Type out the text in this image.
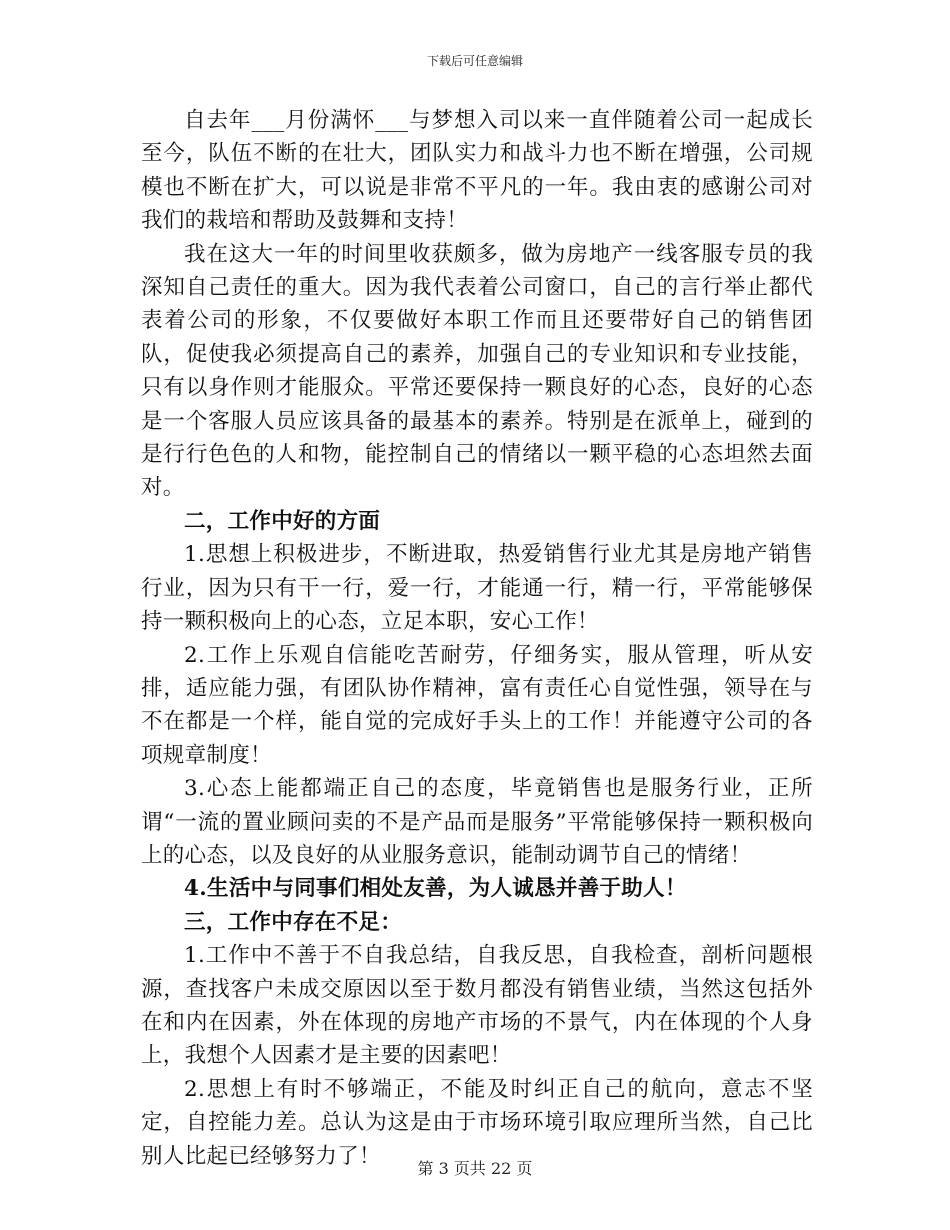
下载后可任意编辑

自去年___月份满怀___与梦想入司以来一直伴随着公司一起成长至今，队伍不断的在壮大，团队实力和战斗力也不断在增强，公司规模也不断在扩大，可以说是非常不平凡的一年。我由衷的感谢公司对我们的栽培和帮助及鼓舞和支持！

我在这大一年的时间里收获颇多，做为房地产一线客服专员的我深知自己责任的重大。因为我代表着公司窗口，自己的言行举止都代表着公司的形象，不仅要做好本职工作而且还要带好自己的销售团队，促使我必须提高自己的素养，加强自己的专业知识和专业技能，只有以身作则才能服众。平常还要保持一颗良好的心态，良好的心态是一个客服人员应该具备的最基本的素养。特别是在派单上，碰到的是行行色色的人和物，能控制自己的情绪以一颗平稳的心态坦然去面对。

二，工作中好的方面

1.思想上积极进步，不断进取，热爱销售行业尤其是房地产销售行业，因为只有干一行，爱一行，才能通一行，精一行，平常能够保持一颗积极向上的心态，立足本职，安心工作！

2.工作上乐观自信能吃苦耐劳，仔细务实，服从管理，听从安排，适应能力强，有团队协作精神，富有责任心自觉性强，领导在与不在都是一个样，能自觉的完成好手头上的工作！并能遵守公司的各项规章制度！

3.心态上能都端正自己的态度，毕竟销售也是服务行业，正所谓“一流的置业顾问卖的不是产品而是服务”平常能够保持一颗积极向上的心态，以及良好的从业服务意识，能制动调节自己的情绪！

4.生活中与同事们相处友善，为人诚恳并善于助人！

三，工作中存在不足：

1.工作中不善于不自我总结，自我反思，自我检查，剖析问题根源，查找客户未成交原因以至于数月都没有销售业绩，当然这包括外在和内在因素，外在体现的房地产市场的不景气，内在体现的个人身上，我想个人因素才是主要的因素吧！

2.思想上有时不够端正，不能及时纠正自己的航向，意志不坚定，自控能力差。总认为这是由于市场环境引取应理所当然，自己比别人比起已经够努力了！	第 3 页共 22 页
